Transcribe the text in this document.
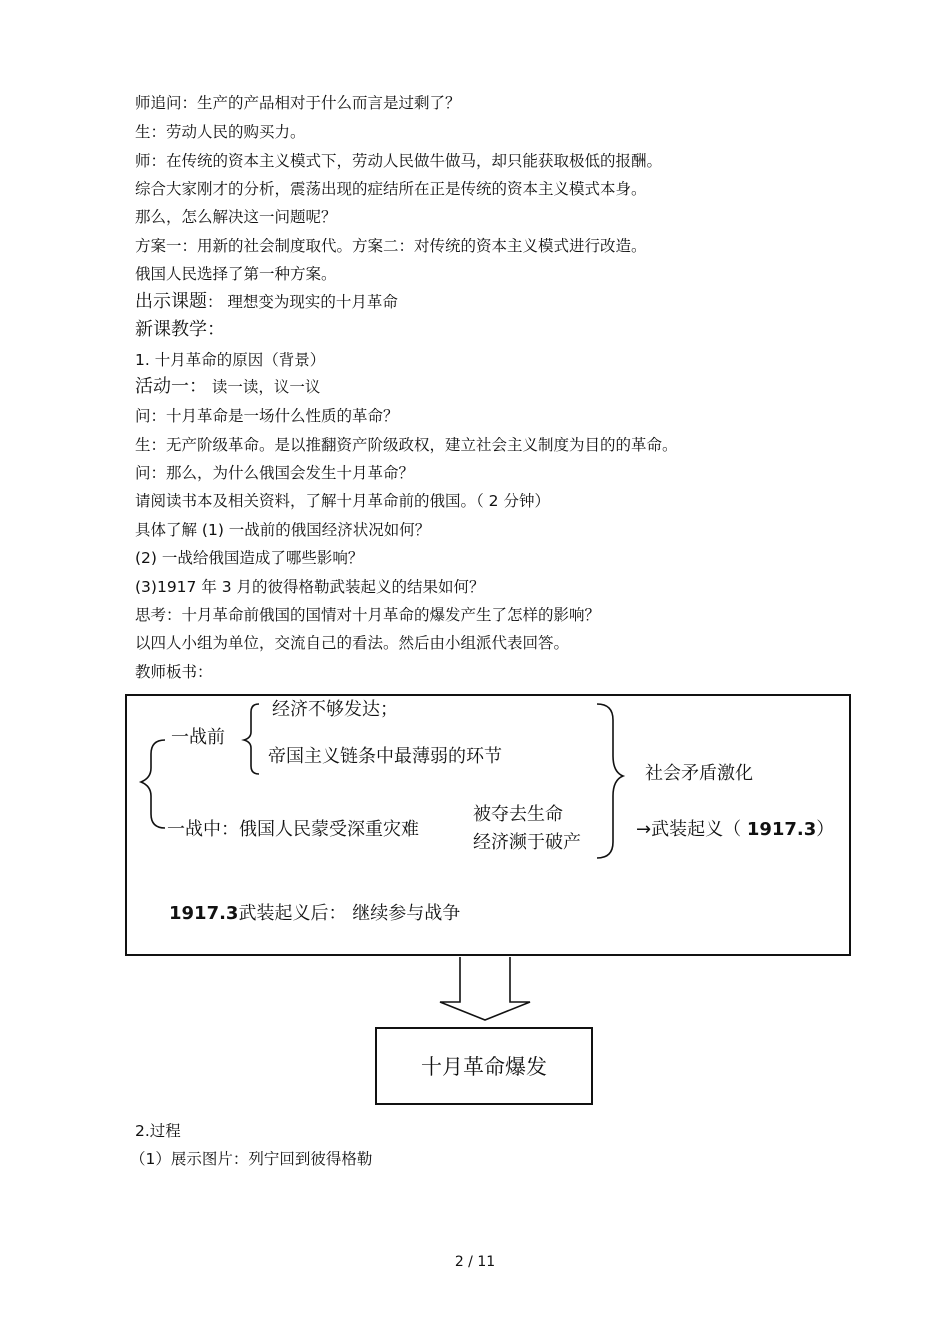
师追问：生产的产品相对于什么而言是过剩了？
生：劳动人民的购买力。
师：在传统的资本主义模式下，劳动人民做牛做马，却只能获取极低的报酬。
综合大家刚才的分析，震荡出现的症结所在正是传统的资本主义模式本身。
那么，怎么解决这一问题呢？
方案一：用新的社会制度取代。方案二：对传统的资本主义模式进行改造。
俄国人民选择了第一种方案。
出示课题： 理想变为现实的十月革命
新课教学：
1. 十月革命的原因（背景）
活动一： 读一读，议一议
问：十月革命是一场什么性质的革命？
生：无产阶级革命。是以推翻资产阶级政权，建立社会主义制度为目的的革命。
问：那么，为什么俄国会发生十月革命？
请阅读书本及相关资料，了解十月革命前的俄国。（ 2 分钟）
具体了解 (1) 一战前的俄国经济状况如何？
(2) 一战给俄国造成了哪些影响？
(3)1917 年 3 月的彼得格勒武装起义的结果如何？
思考：十月革命前俄国的国情对十月革命的爆发产生了怎样的影响？
以四人小组为单位，交流自己的看法。然后由小组派代表回答。
教师板书：
一战前
经济不够发达；
帝国主义链条中最薄弱的环节
社会矛盾激化
一战中：俄国人民蒙受深重灾难
被夺去生命
经济濒于破产
→武装起义（ 1917.3）
1917.3武装起义后： 继续参与战争
十月革命爆发
2.过程
（1）展示图片：列宁回到彼得格勒
2 / 11
